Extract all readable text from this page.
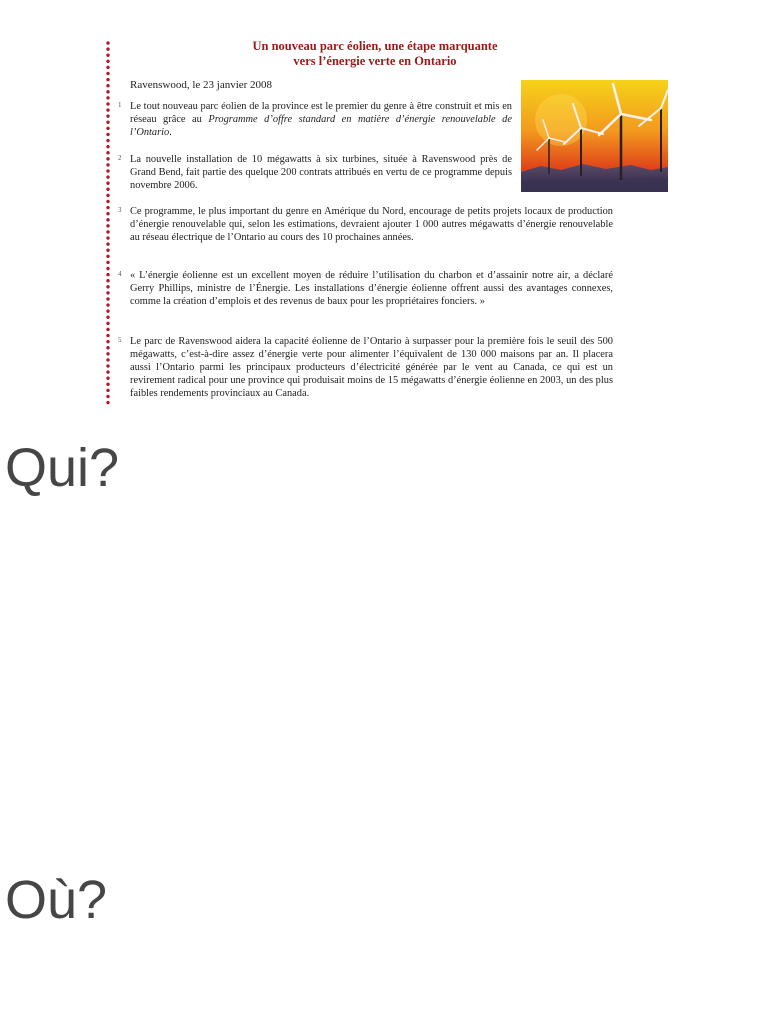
Un nouveau parc éolien, une étape marquante
vers l’énergie verte en Ontario
Ravenswood, le 23 janvier 2008
1 Le tout nouveau parc éolien de la province est le premier du genre à être construit et mis en réseau grâce au Programme d’offre standard en matière d’énergie renouvelable de l’Ontario.
2 La nouvelle installation de 10 mégawatts à six turbines, située à Ravenswood près de Grand Bend, fait partie des quelque 200 contrats attribués en vertu de ce programme depuis novembre 2006.
3 Ce programme, le plus important du genre en Amérique du Nord, encourage de petits projets locaux de production d’énergie renouvelable qui, selon les estimations, devraient ajouter 1 000 autres mégawatts d’énergie renouvelable au réseau électrique de l’Ontario au cours des 10 prochaines années.
4 « L’énergie éolienne est un excellent moyen de réduire l’utilisation du charbon et d’assainir notre air, a déclaré Gerry Phillips, ministre de l’Énergie. Les installations d’énergie éolienne offrent aussi des avantages connexes, comme la création d’emplois et des revenus de baux pour les propriétaires fonciers. »
5 Le parc de Ravenswood aidera la capacité éolienne de l’Ontario à surpasser pour la première fois le seuil des 500 mégawatts, c’est-à-dire assez d’énergie verte pour alimenter l’équivalent de 130 000 maisons par an. Il placera aussi l’Ontario parmi les principaux producteurs d’électricité générée par le vent au Canada, ce qui est un revirement radical pour une province qui produisait moins de 15 mégawatts d’énergie éolienne en 2003, un des plus faibles rendements provinciaux au Canada.
Qui?
Où?
